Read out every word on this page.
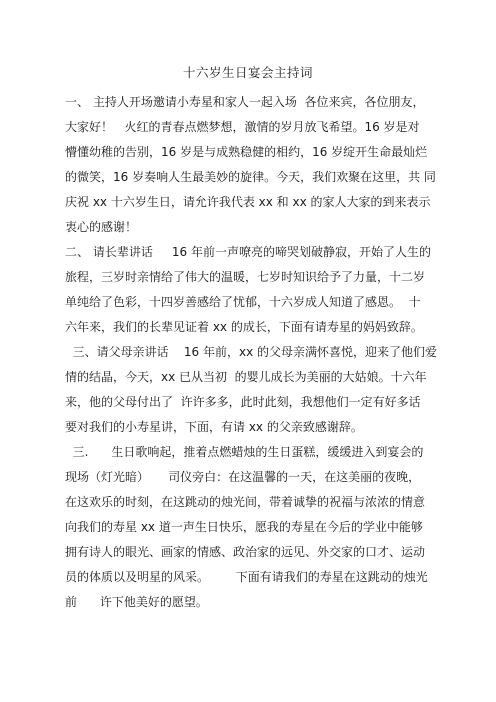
十六岁生日宴会主持词
一、 主持人开场邀请小寿星和家人一起入场  各位来宾，各位朋友，
大家好！   火红的青春点燃梦想，激情的岁月放飞希望。16 岁是对
懵懂幼稚的告别，16 岁是与成熟稳健的相约，16 岁绽开生命最灿烂
的微笑，16 岁奏响人生最美妙的旋律。今天，我们欢聚在这里，共 同
庆祝 xx 十六岁生日，请允许我代表 xx 和 xx 的家人大家的到来表示
衷心的感谢！
二、 请长辈讲话     16 年前一声嘹亮的啼哭划破静寂，开始了人生的
旅程，三岁时亲情给了伟大的温暖，七岁时知识给予了力量，十二岁
单纯给了色彩，十四岁善感给了忧郁，十六岁成人知道了感恩。  十
六年来，我们的长辈见证着 xx 的成长，下面有请寿星的妈妈致辞。
三、请父母亲讲话    16 年前，xx 的父母亲满怀喜悦，迎来了他们爱
情的结晶，今天，xx 已从当初  的婴儿成长为美丽的大姑娘。十六年
来，他的父母付出了  许许多多，此时此刻，我想他们一定有好多话
要对我们的小寿星讲，下面，有请 xx 的父亲致感谢辞。
三.      生日歌响起，推着点燃蜡烛的生日蛋糕，缓缓进入到宴会的
现场（灯光暗）     司仪旁白：在这温馨的一天，在这美丽的夜晚，
在这欢乐的时刻，在这跳动的烛光间，带着诚挚的祝福与浓浓的情意
向我们的寿星 xx 道一声生日快乐，愿我的寿星在今后的学业中能够
拥有诗人的眼光、画家的情感、政治家的远见、外交家的口才、运动
员的体质以及明星的风采。       下面有请我们的寿星在这跳动的烛光
前      许下他美好的愿望。
